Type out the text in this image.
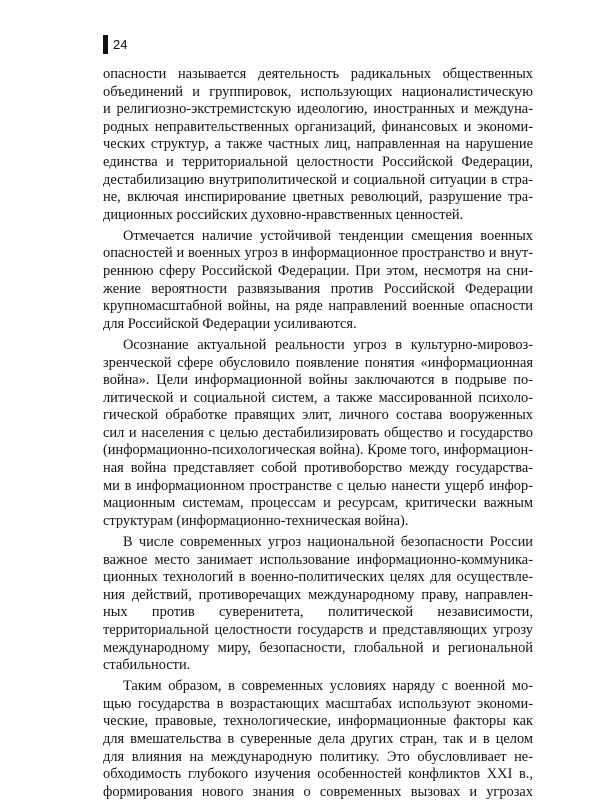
24
опасности называется деятельность радикальных общественных
объединений и группировок, использующих националистическую
и религиозно-экстремистскую идеологию, иностранных и междуна-
родных неправительственных организаций, финансовых и экономи-
ческих структур, а также частных лиц, направленная на нарушение
единства и территориальной целостности Российской Федерации,
дестабилизацию внутриполитической и социальной ситуации в стра-
не, включая инспирирование цветных революций, разрушение тра-
диционных российских духовно-нравственных ценностей.
Отмечается наличие устойчивой тенденции смещения военных
опасностей и военных угроз в информационное пространство и внут-
реннюю сферу Российской Федерации. При этом, несмотря на сни-
жение вероятности развязывания против Российской Федерации
крупномасштабной войны, на ряде направлений военные опасности
для Российской Федерации усиливаются.
Осознание актуальной реальности угроз в культурно-мировоз-
зренческой сфере обусловило появление понятия «информационная
война». Цели информационной войны заключаются в подрыве по-
литической и социальной систем, а также массированной психоло-
гической обработке правящих элит, личного состава вооруженных
сил и населения с целью дестабилизировать общество и государство
(информационно-психологическая война). Кроме того, информацион-
ная война представляет собой противоборство между государства-
ми в информационном пространстве с целью нанести ущерб инфор-
мационным системам, процессам и ресурсам, критически важным
структурам (информационно-техническая война).
В числе современных угроз национальной безопасности России
важное место занимает использование информационно-коммуника-
ционных технологий в военно-политических целях для осуществле-
ния действий, противоречащих международному праву, направлен-
ных против суверенитета, политической независимости,
территориальной целостности государств и представляющих угрозу
международному миру, безопасности, глобальной и региональной
стабильности.
Таким образом, в современных условиях наряду с военной мо-
щью государства в возрастающих масштабах используют экономи-
ческие, правовые, технологические, информационные факторы как
для вмешательства в суверенные дела других стран, так и в целом
для влияния на международную политику. Это обусловливает не-
обходимость глубокого изучения особенностей конфликтов XXI в.,
формирования нового знания о современных вызовах и угрозах
